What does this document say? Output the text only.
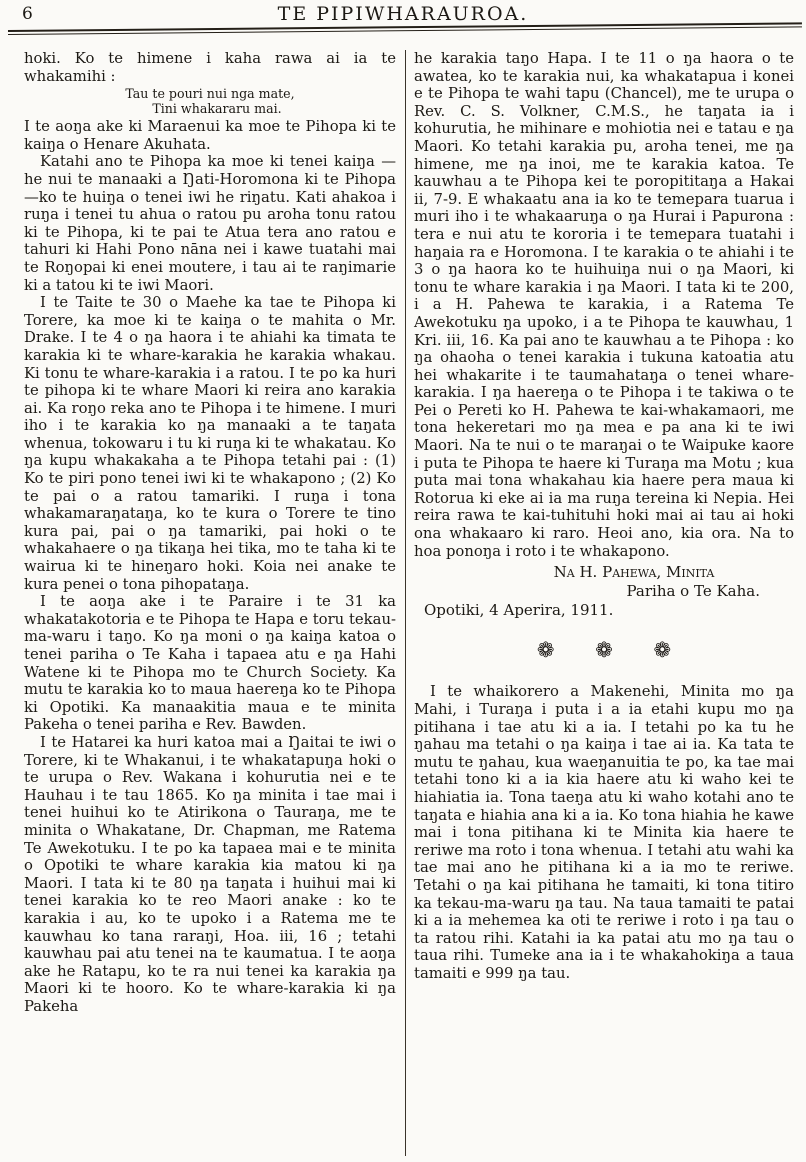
6	TE PIPIWHARAUROA.

hoki. Ko te himene i kaha rawa ai ia te whakamihi :

Tau te pouri nui nga mate,
Tini whakararu mai.

I te aoŋa ake ki Maraenui ka moe te Pihopa ki te kaiŋa o Henare Akuhata.

Katahi ano te Pihopa ka moe ki tenei kaiŋa —he nui te manaaki a Ŋati-Horomona ki te Pihopa—ko te huiŋa o tenei iwi he riŋatu. Kati ahakoa i ruŋa i tenei tu ahua o ratou pu aroha tonu ratou ki te Pihopa, ki te pai te Atua tera ano ratou e tahuri ki Hahi Pono nāna nei i kawe tuatahi mai te Roŋopai ki enei moutere, i tau ai te raŋimarie ki a tatou ki te iwi Maori.

I te Taite te 30 o Maehe ka tae te Pihopa ki Torere, ka moe ki te kaiŋa o te mahita o Mr. Drake. I te 4 o ŋa haora i te ahiahi ka timata te karakia ki te whare-karakia he karakia whakau. Ki tonu te whare-karakia i a ratou. I te po ka huri te pihopa ki te whare Maori ki reira ano karakia ai. Ka roŋo reka ano te Pihopa i te himene. I muri iho i te karakia ko ŋa manaaki a te taŋata whenua, tokowaru i tu ki ruŋa ki te whakatau. Ko ŋa kupu whakakaha a te Pihopa tetahi pai : (1) Ko te piri pono tenei iwi ki te whakapono ; (2) Ko te pai o a ratou tamariki. I ruŋa i tona whakamaraŋataŋa, ko te kura o Torere te tino kura pai, pai o ŋa tamariki, pai hoki o te whakahaere o ŋa tikaŋa hei tika, mo te taha ki te wairua ki te hineŋaro hoki. Koia nei anake te kura penei o tona pihopataŋa.

I te aoŋa ake i te Paraire i te 31 ka whakatakotoria e te Pihopa te Hapa e toru tekau-ma-waru i taŋo. Ko ŋa moni o ŋa kaiŋa katoa o tenei pariha o Te Kaha i tapaea atu e ŋa Hahi Watene ki te Pihopa mo te Church Society. Ka mutu te karakia ko to maua haereŋa ko te Pihopa ki Opotiki. Ka manaakitia maua e te minita Pakeha o tenei pariha e Rev. Bawden.

I te Hatarei ka huri katoa mai a Ŋaitai te iwi o Torere, ki te Whakanui, i te whakatapuŋa hoki o te urupa o Rev. Wakana i kohurutia nei e te Hauhau i te tau 1865. Ko ŋa minita i tae mai i tenei huihui ko te Atirikona o Tauraŋa, me te minita o Whakatane, Dr. Chapman, me Ratema Te Awekotuku. I te po ka tapaea mai e te minita o Opotiki te whare karakia kia matou ki ŋa Maori. I tata ki te 80 ŋa taŋata i huihui mai ki tenei karakia ko te reo Maori anake : ko te karakia i au, ko te upoko i a Ratema me te kauwhau ko tana raraŋi, Hoa. iii, 16 ; tetahi kauwhau pai atu tenei na te kaumatua. I te aoŋa ake he Ratapu, ko te ra nui tenei ka karakia ŋa Maori ki te hooro. Ko te whare-karakia ki ŋa Pakeha

he karakia taŋo Hapa. I te 11 o ŋa haora o te awatea, ko te karakia nui, ka whakatapua i konei e te Pihopa te wahi tapu (Chancel), me te urupa o Rev. C. S. Volkner, C.M.S., he taŋata ia i kohurutia, he mihinare e mohiotia nei e tatau e ŋa Maori. Ko tetahi karakia pu, aroha tenei, me ŋa himene, me ŋa inoi, me te karakia katoa. Te kauwhau a te Pihopa kei te poropititaŋa a Hakai ii, 7-9. E whakaatu ana ia ko te temepara tuarua i muri iho i te whakaaruŋa o ŋa Hurai i Papurona : tera e nui atu te kororia i te temepara tuatahi i haŋaia ra e Horomona. I te karakia o te ahiahi i te 3 o ŋa haora ko te huihuiŋa nui o ŋa Maori, ki tonu te whare karakia i ŋa Maori. I tata ki te 200, i a H. Pahewa te karakia, i a Ratema Te Awekotuku ŋa upoko, i a te Pihopa te kauwhau, 1 Kri. iii, 16. Ka pai ano te kauwhau a te Pihopa : ko ŋa ohaoha o tenei karakia i tukuna katoatia atu hei whakarite i te taumahataŋa o tenei whare-karakia. I ŋa haereŋa o te Pihopa i te takiwa o te Pei o Pereti ko H. Pahewa te kai-whakamaori, me tona hekeretari mo ŋa mea e pa ana ki te iwi Maori. Na te nui o te maraŋai o te Waipuke kaore i puta te Pihopa te haere ki Turaŋa ma Motu ; kua puta mai tona whakahau kia haere pera maua ki Rotorua ki eke ai ia ma ruŋa tereina ki Nepia. Hei reira rawa te kai-tuhituhi hoki mai ai tau ai hoki ona whakaaro ki raro. Heoi ano, kia ora. Na to hoa ponoŋa i roto i te whakapono.

Na H. Pahewa, Minita
Pariha o Te Kaha.

Opotiki, 4 Aperira, 1911.

❁ ❁ ❁

I te whaikorero a Makenehi, Minita mo ŋa Mahi, i Turaŋa i puta i a ia etahi kupu mo ŋa pitihana i tae atu ki a ia. I tetahi po ka tu he ŋahau ma tetahi o ŋa kaiŋa i tae ai ia. Ka tata te mutu te ŋahau, kua waeŋanuitia te po, ka tae mai tetahi tono ki a ia kia haere atu ki waho kei te hiahiatia ia. Tona taeŋa atu ki waho kotahi ano te taŋata e hiahia ana ki a ia. Ko tona hiahia he kawe mai i tona pitihana ki te Minita kia haere te reriwe ma roto i tona whenua. I tetahi atu wahi ka tae mai ano he pitihana ki a ia mo te reriwe. Tetahi o ŋa kai pitihana he tamaiti, ki tona titiro ka tekau-ma-waru ŋa tau. Na taua tamaiti te patai ki a ia mehemea ka oti te reriwe i roto i ŋa tau o ta ratou rihi. Katahi ia ka patai atu mo ŋa tau o taua rihi. Tumeke ana ia i te whakahokiŋa a taua tamaiti e 999 ŋa tau.
